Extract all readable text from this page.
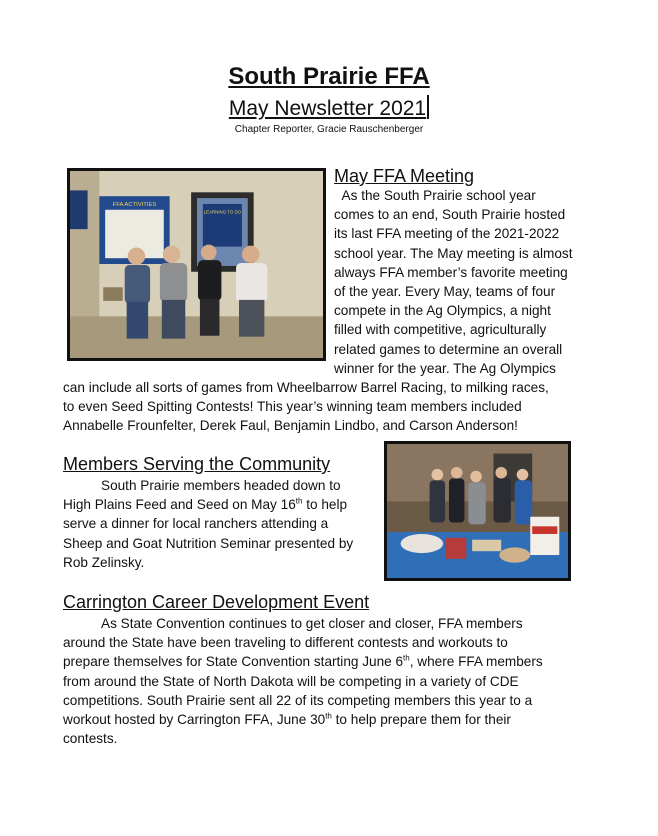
South Prairie FFA
May Newsletter 2021
Chapter Reporter, Gracie Rauschenberger
FFA ACTIVITIES
LEARNING TO DO
May FFA Meeting
As the South Prairie school year
comes to an end, South Prairie hosted
its last FFA meeting of the 2021-2022
school year. The May meeting is almost
always FFA member’s favorite meeting
of the year. Every May, teams of four
compete in the Ag Olympics, a night
filled with competitive, agriculturally
related games to determine an overall
winner for the year. The Ag Olympics
can include all sorts of games from Wheelbarrow Barrel Racing, to milking races,
to even Seed Spitting Contests! This year’s winning team members included
Annabelle Frounfelter, Derek Faul, Benjamin Lindbo, and Carson Anderson!
Members Serving the Community
South Prairie members headed down to
High Plains Feed and Seed on May 16th to help
serve a dinner for local ranchers attending a
Sheep and Goat Nutrition Seminar presented by
Rob Zelinsky.
Carrington Career Development Event
As State Convention continues to get closer and closer, FFA members
around the State have been traveling to different contests and workouts to
prepare themselves for State Convention starting June 6th, where FFA members
from around the State of North Dakota will be competing in a variety of CDE
competitions. South Prairie sent all 22 of its competing members this year to a
workout hosted by Carrington FFA, June 30th to help prepare them for their
contests.
